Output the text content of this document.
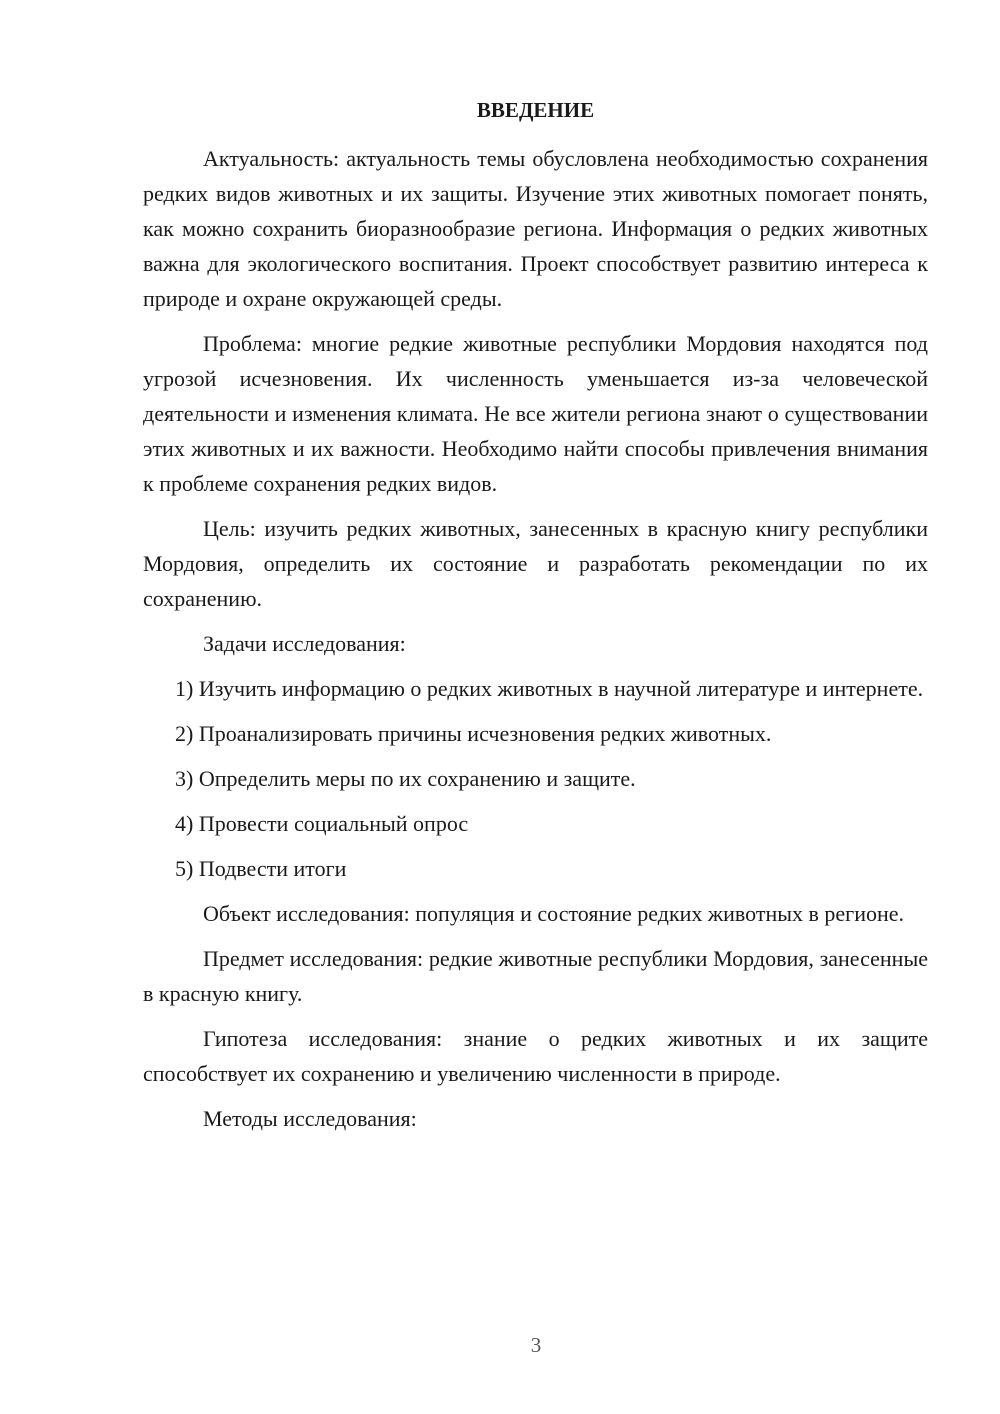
ВВЕДЕНИЕ

Актуальность: актуальность темы обусловлена необходимостью сохранения редких видов животных и их защиты. Изучение этих животных помогает понять, как можно сохранить биоразнообразие региона. Информация о редких животных важна для экологического воспитания. Проект способствует развитию интереса к природе и охране окружающей среды.

Проблема: многие редкие животные республики Мордовия находятся под угрозой исчезновения. Их численность уменьшается из-за человеческой деятельности и изменения климата. Не все жители региона знают о существовании этих животных и их важности. Необходимо найти способы привлечения внимания к проблеме сохранения редких видов.

Цель: изучить редких животных, занесенных в красную книгу республики Мордовия, определить их состояние и разработать рекомендации по их сохранению.

Задачи исследования:

1) Изучить информацию о редких животных в научной литературе и интернете.

2) Проанализировать причины исчезновения редких животных.

3) Определить меры по их сохранению и защите.

4) Провести социальный опрос

5) Подвести итоги

Объект исследования: популяция и состояние редких животных в регионе.

Предмет исследования: редкие животные республики Мордовия, занесенные в красную книгу.

Гипотеза исследования: знание о редких животных и их защите способствует их сохранению и увеличению численности в природе.

Методы исследования:

3
